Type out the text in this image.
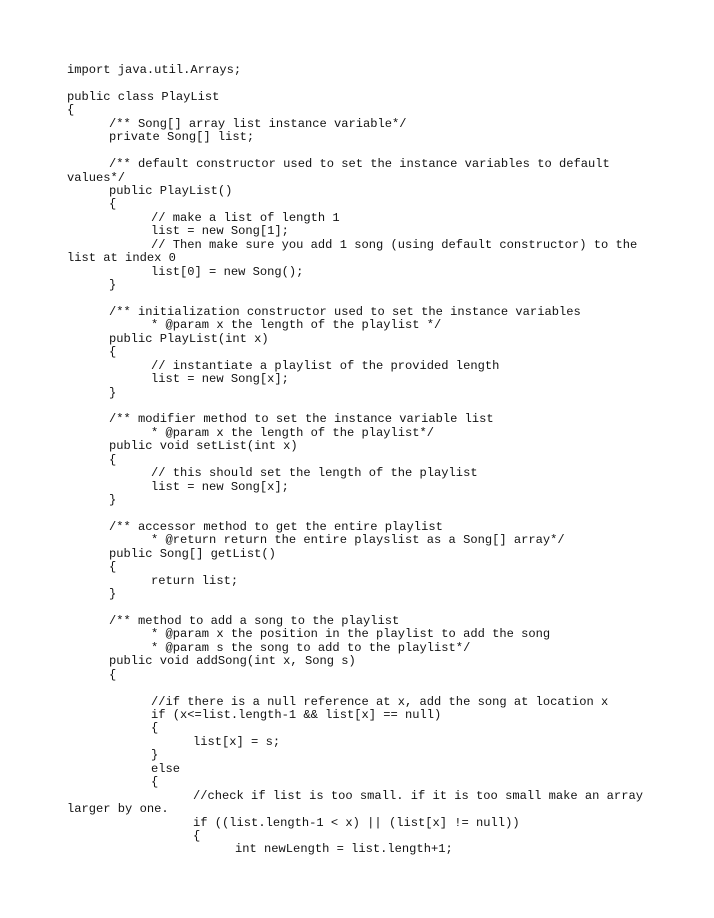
import java.util.Arrays;
public class PlayList
{
/** Song[] array list instance variable*/
private Song[] list;
/** default constructor used to set the instance variables to default
values*/
public PlayList()
{
// make a list of length 1
list = new Song[1];
// Then make sure you add 1 song (using default constructor) to the
list at index 0
list[0] = new Song();
}
/** initialization constructor used to set the instance variables
* @param x the length of the playlist */
public PlayList(int x)
{
// instantiate a playlist of the provided length
list = new Song[x];
}
/** modifier method to set the instance variable list
* @param x the length of the playlist*/
public void setList(int x)
{
// this should set the length of the playlist
list = new Song[x];
}
/** accessor method to get the entire playlist
* @return return the entire playslist as a Song[] array*/
public Song[] getList()
{
return list;
}
/** method to add a song to the playlist
* @param x the position in the playlist to add the song
* @param s the song to add to the playlist*/
public void addSong(int x, Song s)
{
//if there is a null reference at x, add the song at location x
if (x<=list.length-1 && list[x] == null)
{
list[x] = s;
}
else
{
//check if list is too small. if it is too small make an array
larger by one.
if ((list.length-1 < x) || (list[x] != null))
{
int newLength = list.length+1;
